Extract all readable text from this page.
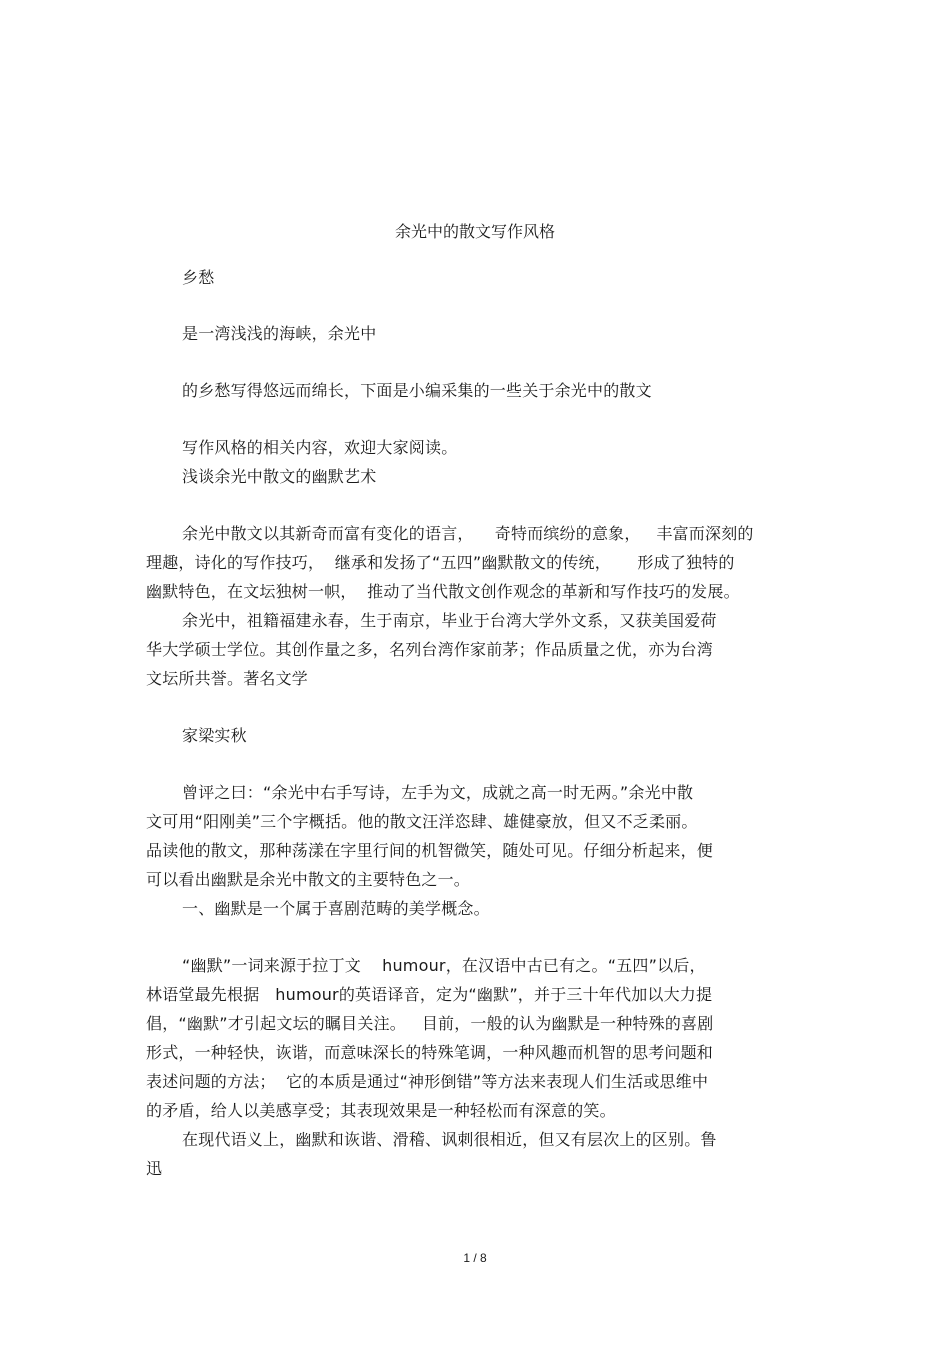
余光中的散文写作风格
乡愁
是一湾浅浅的海峡，余光中
的乡愁写得悠远而绵长，下面是小编采集的一些关于余光中的散文
写作风格的相关内容，欢迎大家阅读。
浅谈余光中散文的幽默艺术
余光中散文以其新奇而富有变化的语言，    奇特而缤纷的意象，   丰富而深刻的
理趣，诗化的写作技巧，  继承和发扬了“五四”幽默散文的传统，     形成了独特的
幽默特色，在文坛独树一帜，  推动了当代散文创作观念的革新和写作技巧的发展。
余光中，祖籍福建永春，生于南京，毕业于台湾大学外文系，又获美国爱荷
华大学硕士学位。其创作量之多，名列台湾作家前茅；作品质量之优，亦为台湾
文坛所共誉。著名文学
家梁实秋
曾评之曰：“余光中右手写诗，左手为文，成就之高一时无两。”余光中散
文可用“阳刚美”三个字概括。他的散文汪洋恣肆、雄健豪放，但又不乏柔丽。
品读他的散文，那种荡漾在字里行间的机智微笑，随处可见。仔细分析起来，便
可以看出幽默是余光中散文的主要特色之一。
一、幽默是一个属于喜剧范畴的美学概念。
“幽默”一词来源于拉丁文    humour，在汉语中古已有之。“五四”以后，
林语堂最先根据   humour的英语译音，定为“幽默”，并于三十年代加以大力提
倡，“幽默”才引起文坛的瞩目关注。   目前，一般的认为幽默是一种特殊的喜剧
形式，一种轻快，诙谐，而意味深长的特殊笔调，一种风趣而机智的思考问题和
表述问题的方法；  它的本质是通过“神形倒错”等方法来表现人们生活或思维中
的矛盾，给人以美感享受；其表现效果是一种轻松而有深意的笑。
在现代语义上，幽默和诙谐、滑稽、讽刺很相近，但又有层次上的区别。鲁
迅
1 / 8
